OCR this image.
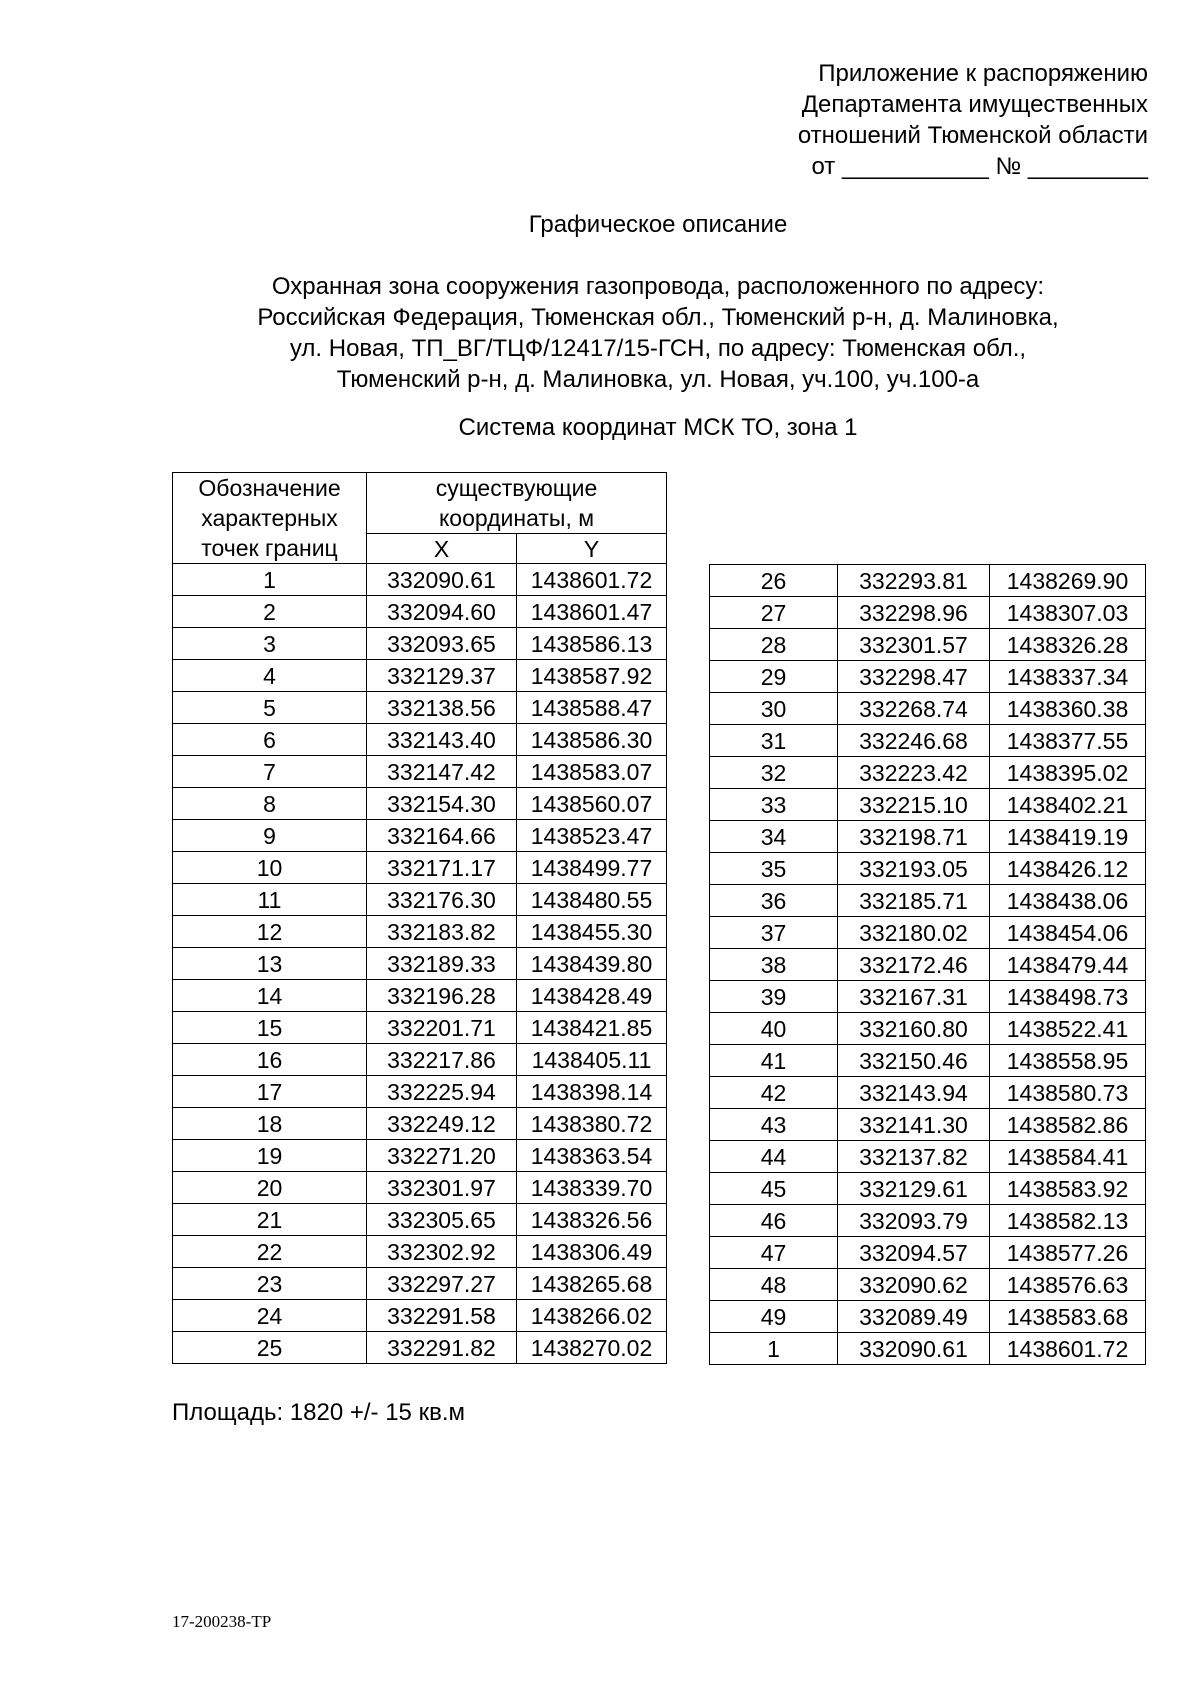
Приложение к распоряжению
Департамента имущественных
отношений Тюменской области
от ___________ № _________
Графическое описание
Охранная зона сооружения газопровода, расположенного по адресу:
Российская Федерация, Тюменская обл., Тюменский р-н, д. Малиновка,
ул. Новая, ТП_ВГ/ТЦФ/12417/15-ГСН, по адресу: Тюменская обл.,
Тюменский р-н, д. Малиновка, ул. Новая, уч.100, уч.100-а
Система координат МСК ТО, зона 1
Обозначение
характерных
точек границ	существующие
координаты, м	

	X	Y
1	332090.61	1438601.72
2	332094.60	1438601.47
3	332093.65	1438586.13
4	332129.37	1438587.92
5	332138.56	1438588.47
6	332143.40	1438586.30
7	332147.42	1438583.07
8	332154.30	1438560.07
9	332164.66	1438523.47
10	332171.17	1438499.77
11	332176.30	1438480.55
12	332183.82	1438455.30
13	332189.33	1438439.80
14	332196.28	1438428.49
15	332201.71	1438421.85
16	332217.86	1438405.11
17	332225.94	1438398.14
18	332249.12	1438380.72
19	332271.20	1438363.54
20	332301.97	1438339.70
21	332305.65	1438326.56
22	332302.92	1438306.49
23	332297.27	1438265.68
24	332291.58	1438266.02
25	332291.82	1438270.02
26	332293.81	1438269.90
27	332298.96	1438307.03
28	332301.57	1438326.28
29	332298.47	1438337.34
30	332268.74	1438360.38
31	332246.68	1438377.55
32	332223.42	1438395.02
33	332215.10	1438402.21
34	332198.71	1438419.19
35	332193.05	1438426.12
36	332185.71	1438438.06
37	332180.02	1438454.06
38	332172.46	1438479.44
39	332167.31	1438498.73
40	332160.80	1438522.41
41	332150.46	1438558.95
42	332143.94	1438580.73
43	332141.30	1438582.86
44	332137.82	1438584.41
45	332129.61	1438583.92
46	332093.79	1438582.13
47	332094.57	1438577.26
48	332090.62	1438576.63
49	332089.49	1438583.68
1	332090.61	1438601.72
Площадь: 1820 +/- 15 кв.м
17-200238-ТР
